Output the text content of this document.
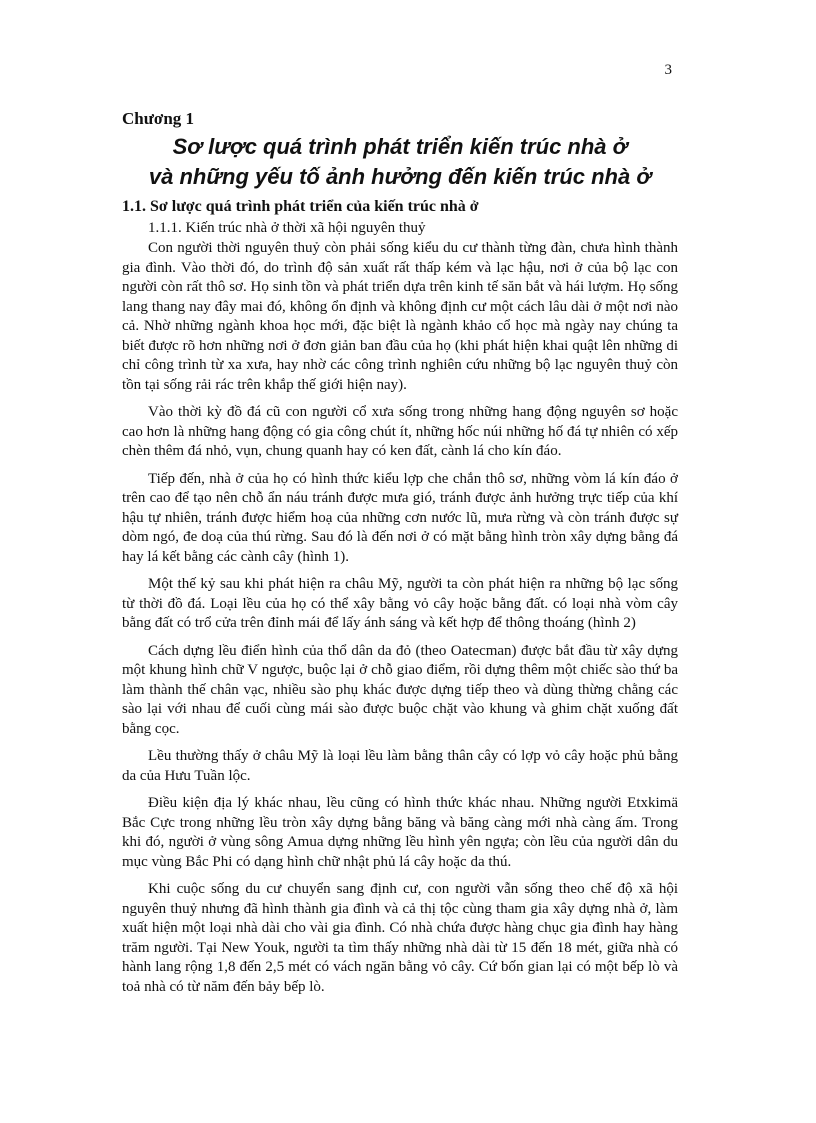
3

Chương 1

Sơ lược quá trình phát triển kiến trúc nhà ở

và những yếu tố ảnh hưởng đến kiến trúc nhà ở

1.1. Sơ lược quá trình phát triển của kiến trúc nhà ở

1.1.1. Kiến trúc nhà ở thời xã hội nguyên thuỷ

Con người thời nguyên thuỷ còn phải sống kiểu du cư thành từng đàn, chưa hình thành gia đình. Vào thời đó, do trình độ sản xuất rất thấp kém và lạc hậu, nơi ở của bộ lạc con người còn rất thô sơ. Họ sinh tồn và phát triển dựa trên kinh tế săn bắt và hái lượm. Họ sống lang thang nay đây mai đó, không ổn định và không định cư một cách lâu dài ở một nơi nào cả. Nhờ những ngành khoa học mới, đặc biệt là ngành khảo cổ học mà ngày nay chúng ta biết được rõ hơn những nơi ở đơn giản ban đầu của họ (khi phát hiện khai quật lên những di chỉ công trình từ xa xưa, hay nhờ các công trình nghiên cứu những bộ lạc nguyên thuỷ còn tồn tại sống rải rác trên khắp thế giới hiện nay).

Vào thời kỳ đồ đá cũ con người cổ xưa sống trong những hang động nguyên sơ hoặc cao hơn là những hang động có gia công chút ít, những hốc núi những hố đá tự nhiên có xếp chèn thêm đá nhỏ, vụn, chung quanh hay có ken đất, cành lá cho kín đáo.

Tiếp đến, nhà ở của họ có hình thức kiểu lợp che chắn thô sơ, những vòm lá kín đáo ở trên cao để tạo nên chỗ ẩn náu tránh được mưa gió, tránh được ảnh hưởng trực tiếp của khí hậu tự nhiên, tránh được hiểm hoạ của những cơn nước lũ, mưa rừng và còn tránh được sự dòm ngó, đe doạ của thú rừng. Sau đó là đến nơi ở có mặt bằng hình tròn xây dựng bằng đá hay lá kết bằng các cành cây (hình 1).

Một thế kỷ sau khi phát hiện ra châu Mỹ, người ta còn phát hiện ra những bộ lạc sống từ thời đồ đá. Loại lều của họ có thể xây bằng vỏ cây hoặc bằng đất. có loại nhà vòm cây bằng đất có trổ cửa trên đỉnh mái để lấy ánh sáng và kết hợp để thông thoáng (hình 2)

Cách dựng lều điển hình của thổ dân da đỏ (theo Oatecman) được bắt đầu từ xây dựng một khung hình chữ V ngược, buộc lại ở chỗ giao điểm, rồi dựng thêm một chiếc sào thứ ba làm thành thế chân vạc, nhiều sào phụ khác được dựng tiếp theo và dùng thừng chằng các sào lại với nhau để cuối cùng mái sào được buộc chặt vào khung và ghim chặt xuống đất bằng cọc.

Lều thường thấy ở châu Mỹ là loại lều làm bằng thân cây có lợp vỏ cây hoặc phủ bằng da của Hưu Tuần lộc.

Điều kiện địa lý khác nhau, lều cũng có hình thức khác nhau. Những người Etxkimä Bắc Cực trong những lều tròn xây dựng bằng băng và băng càng mới nhà càng ấm. Trong khi đó, người ở vùng sông Amua dựng những lều hình yên ngựa; còn lều của người dân du mục vùng Bắc Phi có dạng hình chữ nhật phủ lá cây hoặc da thú.

Khi cuộc sống du cư chuyển sang định cư, con người vẫn sống theo chế độ xã hội nguyên thuỷ nhưng đã hình thành gia đình và cả thị tộc cùng tham gia xây dựng nhà ở, làm xuất hiện một loại nhà dài cho vài gia đình. Có nhà chứa được hàng chục gia đình hay hàng trăm người. Tại New Youk, người ta tìm thấy những nhà dài từ 15 đến 18 mét, giữa nhà có hành lang rộng 1,8 đến 2,5 mét có vách ngăn bằng vỏ cây. Cứ bốn gian lại có một bếp lò và toả nhà có từ năm đến bảy bếp lò.
